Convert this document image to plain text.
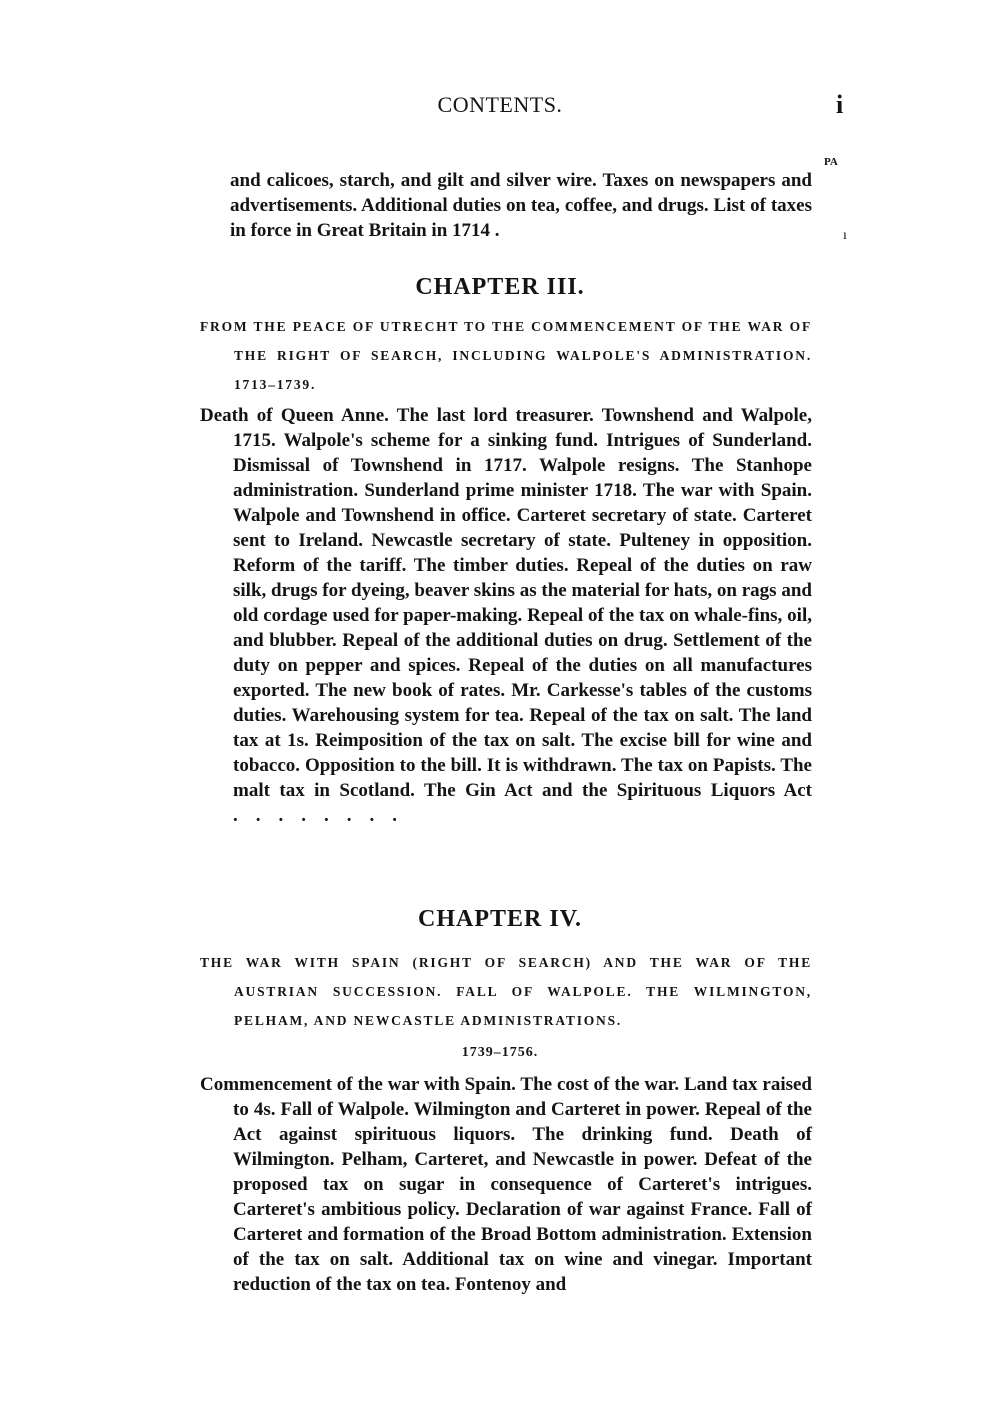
CONTENTS.	i
PA

and calicoes, starch, and gilt and silver wire. Taxes on newspapers and advertisements. Additional duties on tea, coffee, and drugs. List of taxes in force in Great Britain in 1714 .	ı
CHAPTER III.

FROM THE PEACE OF UTRECHT TO THE COMMENCEMENT OF THE WAR OF THE RIGHT OF SEARCH, INCLUDING WALPOLE'S ADMINISTRATION. 1713–1739.

Death of Queen Anne. The last lord treasurer. Townshend and Walpole, 1715. Walpole's scheme for a sinking fund. Intrigues of Sunderland. Dismissal of Townshend in 1717. Walpole resigns. The Stanhope administration. Sunderland prime minister 1718. The war with Spain. Walpole and Townshend in office. Carteret secretary of state. Carteret sent to Ireland. Newcastle secretary of state. Pulteney in opposition. Reform of the tariff. The timber duties. Repeal of the duties on raw silk, drugs for dyeing, beaver skins as the material for hats, on rags and old cordage used for paper-making. Repeal of the tax on whale-fins, oil, and blubber. Repeal of the additional duties on drug. Settlement of the duty on pepper and spices. Repeal of the duties on all manufactures exported. The new book of rates. Mr. Carkesse's tables of the customs duties. Warehousing system for tea. Repeal of the tax on salt. The land tax at 1s. Reimposition of the tax on salt. The excise bill for wine and tobacco. Opposition to the bill. It is withdrawn. The tax on Papists. The malt tax in Scotland. The Gin Act and the Spirituous Liquors Act ........

CHAPTER IV.

THE WAR WITH SPAIN (RIGHT OF SEARCH) AND THE WAR OF THE AUSTRIAN SUCCESSION. FALL OF WALPOLE. THE WILMINGTON, PELHAM, AND NEWCASTLE ADMINISTRATIONS.

1739–1756.

Commencement of the war with Spain. The cost of the war. Land tax raised to 4s. Fall of Walpole. Wilmington and Carteret in power. Repeal of the Act against spirituous liquors. The drinking fund. Death of Wilmington. Pelham, Carteret, and Newcastle in power. Defeat of the proposed tax on sugar in consequence of Carteret's intrigues. Carteret's ambitious policy. Declaration of war against France. Fall of Carteret and formation of the Broad Bottom administration. Extension of the tax on salt. Additional tax on wine and vinegar. Important reduction of the tax on tea. Fontenoy and
